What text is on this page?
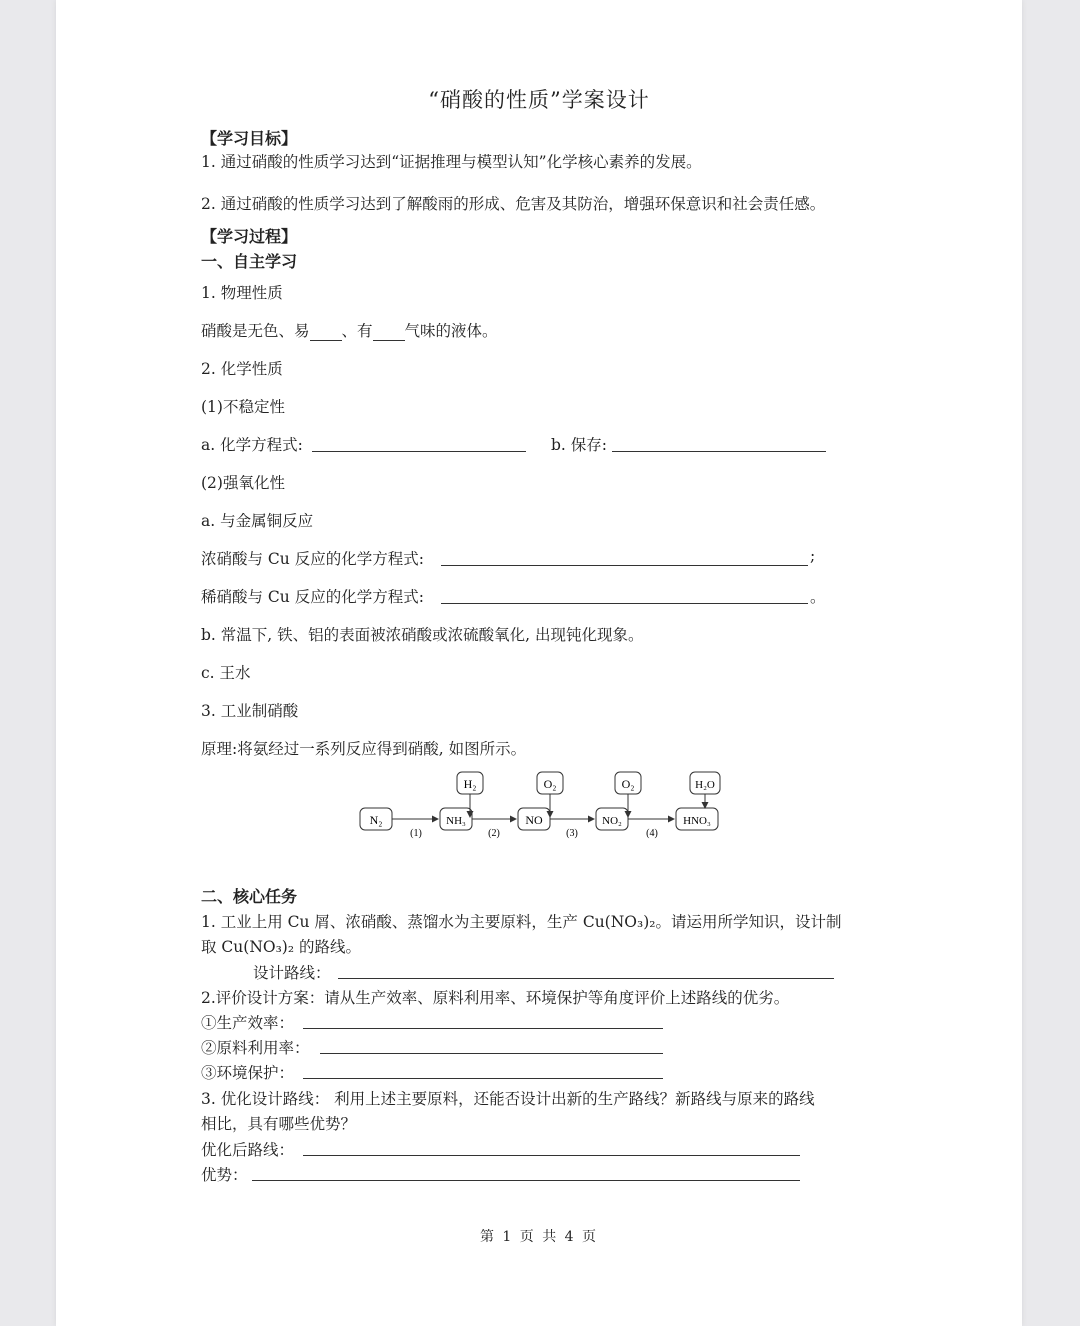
“硝酸的性质”学案设计
【学习目标】
1. 通过硝酸的性质学习达到“证据推理与模型认知”化学核心素养的发展。
2. 通过硝酸的性质学习达到了解酸雨的形成、危害及其防治，增强环保意识和社会责任感。
【学习过程】
一、自主学习
1. 物理性质
硝酸是无色、易 、有 气味的液体。
2. 化学性质
(1)不稳定性
a. 化学方程式:	b. 保存:
(2)强氧化性
a. 与金属铜反应
浓硝酸与 Cu 反应的化学方程式:	;
稀硝酸与 Cu 反应的化学方程式:	。
b. 常温下, 铁、铝的表面被浓硝酸或浓硫酸氧化, 出现钝化现象。
c. 王水
3. 工业制硝酸
原理:将氨经过一系列反应得到硝酸, 如图所示。
N₂	NH₃	NO	NO₂	HNO₃
H₂	O₂	O₂	H₂O
(1)	(2)	(3)	(4)
二、核心任务
1. 工业上用 Cu 屑、浓硝酸、蒸馏水为主要原料，生产 Cu(NO₃)₂。请运用所学知识，设计制
取 Cu(NO₃)₂ 的路线。
设计路线：
2.评价设计方案：请从生产效率、原料利用率、环境保护等角度评价上述路线的优劣。
①生产效率：
②原料利用率：
③环境保护：
3. 优化设计路线： 利用上述主要原料，还能否设计出新的生产路线？新路线与原来的路线
相比，具有哪些优势？
优化后路线：
优势：
第 1 页 共 4 页
